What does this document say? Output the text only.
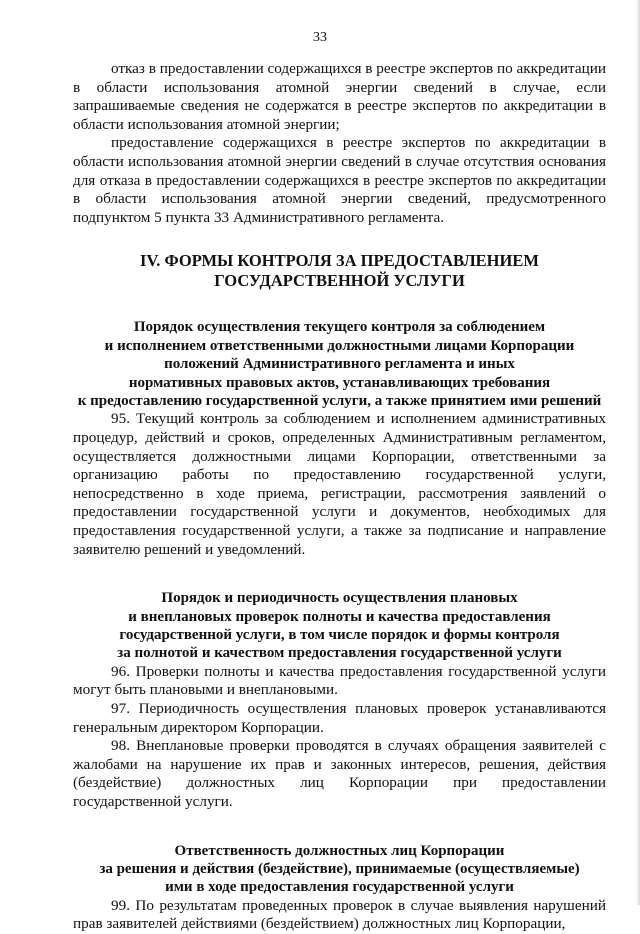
33

отказ в предоставлении содержащихся в реестре экспертов по аккредитации в области использования атомной энергии сведений в случае, если запрашиваемые сведения не содержатся в реестре экспертов по аккредитации в области использования атомной энергии;

предоставление содержащихся в реестре экспертов по аккредитации в области использования атомной энергии сведений в случае отсутствия основания для отказа в предоставлении содержащихся в реестре экспертов по аккредитации в области использования атомной энергии сведений, предусмотренного подпунктом 5 пункта 33 Административного регламента.

IV. ФОРМЫ КОНТРОЛЯ ЗА ПРЕДОСТАВЛЕНИЕМ
ГОСУДАРСТВЕННОЙ УСЛУГИ
Порядок осуществления текущего контроля за соблюдением
и исполнением ответственными должностными лицами Корпорации
положений Административного регламента и иных
нормативных правовых актов, устанавливающих требования
к предоставлению государственной услуги, а также принятием ими решений

95. Текущий контроль за соблюдением и исполнением административных процедур, действий и сроков, определенных Административным регламентом, осуществляется должностными лицами Корпорации, ответственными за организацию работы по предоставлению государственной услуги, непосредственно в ходе приема, регистрации, рассмотрения заявлений о предоставлении государственной услуги и документов, необходимых для предоставления государственной услуги, а также за подписание и направление заявителю решений и уведомлений.

Порядок и периодичность осуществления плановых
и внеплановых проверок полноты и качества предоставления
государственной услуги, в том числе порядок и формы контроля
за полнотой и качеством предоставления государственной услуги

96. Проверки полноты и качества предоставления государственной услуги могут быть плановыми и внеплановыми.

97. Периодичность осуществления плановых проверок устанавливаются генеральным директором Корпорации.

98. Внеплановые проверки проводятся в случаях обращения заявителей с жалобами на нарушение их прав и законных интересов, решения, действия (бездействие) должностных лиц Корпорации при предоставлении государственной услуги.

Ответственность должностных лиц Корпорации
за решения и действия (бездействие), принимаемые (осуществляемые)
ими в ходе предоставления государственной услуги

99. По результатам проведенных проверок в случае выявления нарушений прав заявителей действиями (бездействием) должностных лиц Корпорации,
